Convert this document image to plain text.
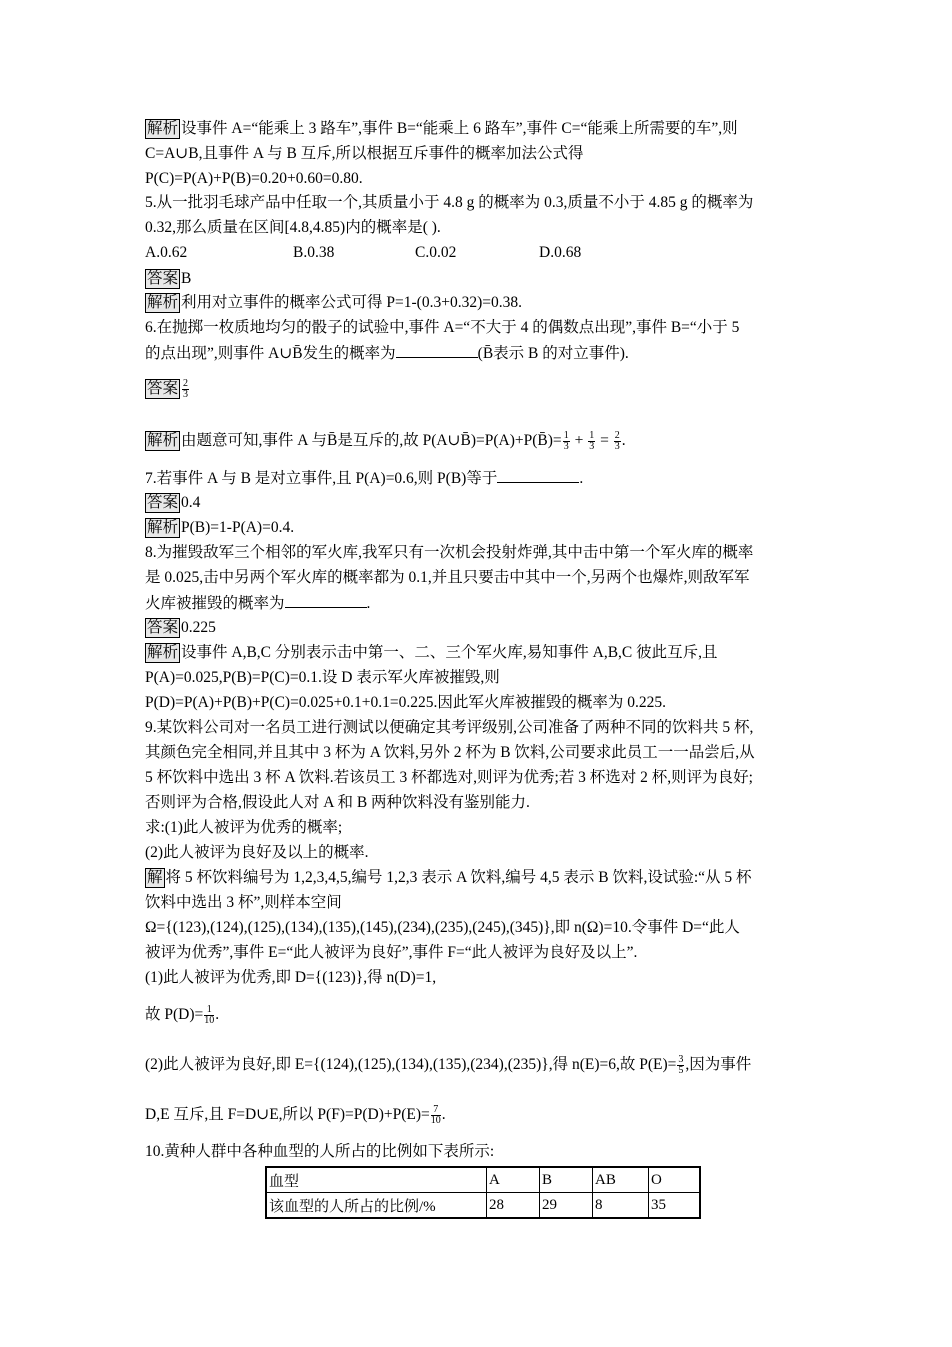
解析 设事件 A=“能乘上 3 路车”,事件 B=“能乘上 6 路车”,事件 C=“能乘上所需要的车”,则
C=A∪B,且事件 A 与 B 互斥,所以根据互斥事件的概率加法公式得
P(C)=P(A)+P(B)=0.20+0.60=0.80.
5.从一批羽毛球产品中任取一个,其质量小于 4.8 g 的概率为 0.3,质量不小于 4.85 g 的概率为
0.32,那么质量在区间[4.8,4.85)内的概率是( ).
A.0.62	B.0.38	C.0.02	D.0.68
答案 B
解析 利用对立事件的概率公式可得 P=1-(0.3+0.32)=0.38.
6.在抛掷一枚质地均匀的骰子的试验中,事件 A=“不大于 4 的偶数点出现”,事件 B=“小于 5
的点出现”,则事件 A∪B̄发生的概率为	(B̄表示 B 的对立事件).
答案 $\frac{2}{3}$
解析 由题意可知,事件 A 与B̄是互斥的,故 P(A∪B̄)=P(A)+P(B̄)= $\frac{1}{3} + \frac{1}{3} = \frac{2}{3}$ .
7.若事件 A 与 B 是对立事件,且 P(A)=0.6,则 P(B)等于	.
答案 0.4
解析 P(B)=1-P(A)=0.4.
8.为摧毁敌军三个相邻的军火库,我军只有一次机会投射炸弹,其中击中第一个军火库的概率
是 0.025,击中另两个军火库的概率都为 0.1,并且只要击中其中一个,另两个也爆炸,则敌军军
火库被摧毁的概率为	.
答案 0.225
解析 设事件 A,B,C 分别表示击中第一、二、三个军火库,易知事件 A,B,C 彼此互斥,且
P(A)=0.025,P(B)=P(C)=0.1.设 D 表示军火库被摧毁,则
P(D)=P(A)+P(B)+P(C)=0.025+0.1+0.1=0.225.因此军火库被摧毁的概率为 0.225.
9.某饮料公司对一名员工进行测试以便确定其考评级别,公司准备了两种不同的饮料共 5 杯,
其颜色完全相同,并且其中 3 杯为 A 饮料,另外 2 杯为 B 饮料,公司要求此员工一一品尝后,从
5 杯饮料中选出 3 杯 A 饮料.若该员工 3 杯都选对,则评为优秀;若 3 杯选对 2 杯,则评为良好;
否则评为合格,假设此人对 A 和 B 两种饮料没有鉴别能力.
求:(1)此人被评为优秀的概率;
(2)此人被评为良好及以上的概率.
解 将 5 杯饮料编号为 1,2,3,4,5,编号 1,2,3 表示 A 饮料,编号 4,5 表示 B 饮料,设试验:“从 5 杯
饮料中选出 3 杯”,则样本空间
Ω={(123),(124),(125),(134),(135),(145),(234),(235),(245),(345)},即 n(Ω)=10.令事件 D=“此人
被评为优秀”,事件 E=“此人被评为良好”,事件 F=“此人被评为良好及以上”.
(1)此人被评为优秀,即 D={(123)},得 n(D)=1,
故 $P(D)= \frac{1}{10}$ .
(2)此人被评为良好,即 E={(124),(125),(134),(135),(234),(235)},得 n(E)=6,故 $P(E)= \frac{3}{5}$ ,因为事件
D,E 互斥,且 F=D∪E,所以 $P(F)=P(D)+P(E)= \frac{7}{10}$ .
10.黄种人群中各种血型的人所占的比例如下表所示:
血型	A	B	AB	O
该血型的人所占的比例/%	28	29	8	35
